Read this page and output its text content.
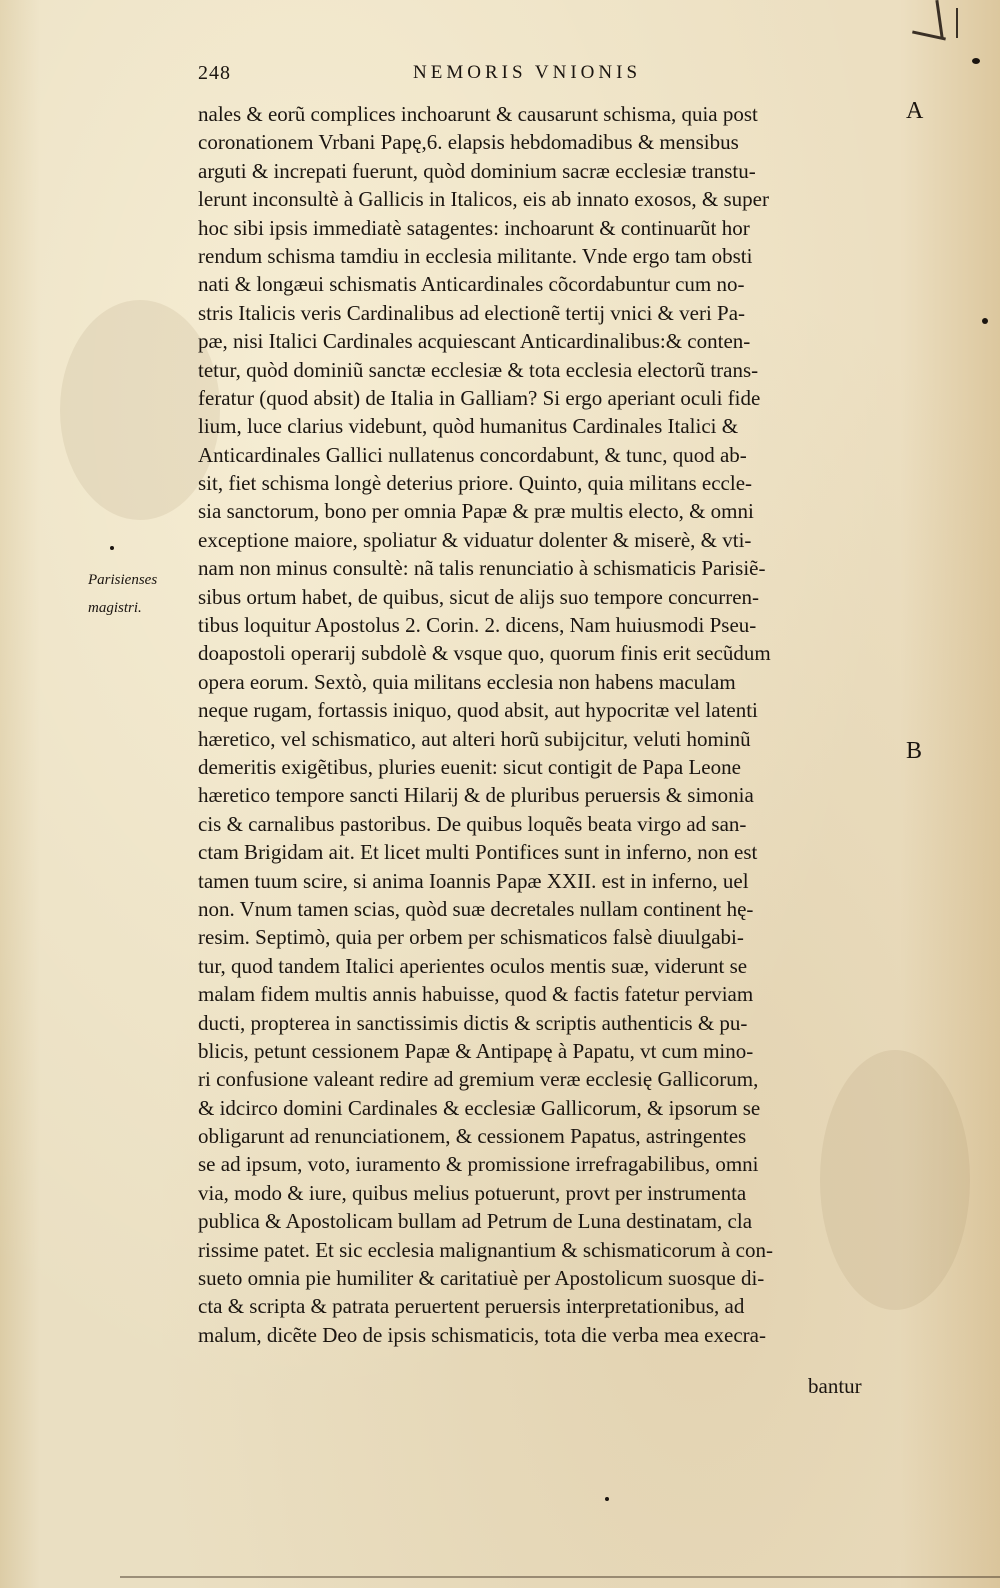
248	NEMORIS VNIONIS
A
B
Parisienses
magistri.
nales & eorũ complices inchoarunt & causarunt schisma, quia post
coronationem Vrbani Papę,6. elapsis hebdomadibus & mensibus
arguti & increpati fuerunt, quòd dominium sacræ ecclesiæ transtu-
lerunt inconsultè à Gallicis in Italicos, eis ab innato exosos, & super
hoc sibi ipsis immediatè satagentes: inchoarunt & continuarũt hor
rendum schisma tamdiu in ecclesia militante. Vnde ergo tam obsti
nati & longæui schismatis Anticardinales cõcordabuntur cum no-
stris Italicis veris Cardinalibus ad electionẽ tertij vnici & veri Pa-
pæ, nisi Italici Cardinales acquiescant Anticardinalibus:& conten-
tetur, quòd dominiũ sanctæ ecclesiæ & tota ecclesia electorũ trans-
feratur (quod absit) de Italia in Galliam? Si ergo aperiant oculi fide
lium, luce clarius videbunt, quòd humanitus Cardinales Italici &
Anticardinales Gallici nullatenus concordabunt, & tunc, quod ab-
sit, fiet schisma longè deterius priore. Quinto, quia militans eccle-
sia sanctorum, bono per omnia Papæ & præ multis electo, & omni
exceptione maiore, spoliatur & viduatur dolenter & miserè, & vti-
nam non minus consultè: nã talis renunciatio à schismaticis Parisiẽ-
sibus ortum habet, de quibus, sicut de alijs suo tempore concurren-
tibus loquitur Apostolus 2. Corin. 2. dicens, Nam huiusmodi Pseu-
doapostoli operarij subdolè & vsque quo, quorum finis erit secũdum
opera eorum. Sextò, quia militans ecclesia non habens maculam
neque rugam, fortassis iniquo, quod absit, aut hypocritæ vel latenti
hæretico, vel schismatico, aut alteri horũ subijcitur, veluti hominũ
demeritis exigẽtibus, pluries euenit: sicut contigit de Papa Leone
hæretico tempore sancti Hilarij & de pluribus peruersis & simonia
cis & carnalibus pastoribus. De quibus loquẽs beata virgo ad san-
ctam Brigidam ait. Et licet multi Pontifices sunt in inferno, non est
tamen tuum scire, si anima Ioannis Papæ XXII. est in inferno, uel
non. Vnum tamen scias, quòd suæ decretales nullam continent hę-
resim. Septimò, quia per orbem per schismaticos falsè diuulgabi-
tur, quod tandem Italici aperientes oculos mentis suæ, viderunt se
malam fidem multis annis habuisse, quod & factis fatetur perviam
ducti, propterea in sanctissimis dictis & scriptis authenticis & pu-
blicis, petunt cessionem Papæ & Antipapę à Papatu, vt cum mino-
ri confusione valeant redire ad gremium veræ ecclesię Gallicorum,
& idcirco domini Cardinales & ecclesiæ Gallicorum, & ipsorum se
obligarunt ad renunciationem, & cessionem Papatus, astringentes
se ad ipsum, voto, iuramento & promissione irrefragabilibus, omni
via, modo & iure, quibus melius potuerunt, provt per instrumenta
publica & Apostolicam bullam ad Petrum de Luna destinatam, cla
rissime patet. Et sic ecclesia malignantium & schismaticorum à con-
sueto omnia pie humiliter & caritatiuè per Apostolicum suosque di-
cta & scripta & patrata peruertent peruersis interpretationibus, ad
malum, dicẽte Deo de ipsis schismaticis, tota die verba mea execra-
bantur
